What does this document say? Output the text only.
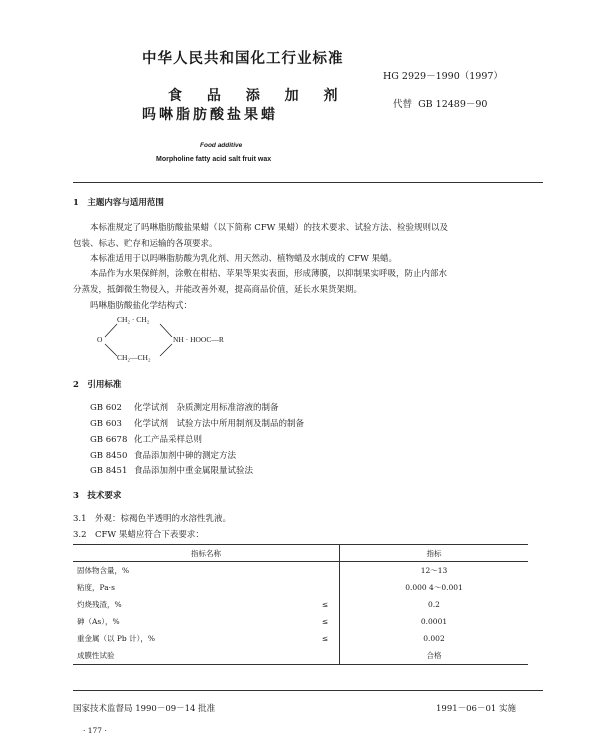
中华人民共和国化工行业标准
HG 2929－1990（1997）
食 品 添 加 剂
吗啉脂肪酸盐果蜡
代替 GB 12489－90
Food additive
Morpholine fatty acid salt fruit wax
1　主题内容与适用范围
本标准规定了吗啉脂肪酸盐果蜡（以下简称 CFW 果蜡）的技术要求、试验方法、检验规则以及
包装、标志、贮存和运输的各项要求。
本标准适用于以吗啉脂肪酸为乳化剂、用天然动、植物蜡及水制成的 CFW 果蜡。
本品作为水果保鲜剂，涂敷在柑桔、苹果等果实表面，形成薄膜，以抑制果实呼吸，防止内部水
分蒸发，抵御微生物侵入，并能改善外观，提高商品价值，延长水果货架期。
吗啉脂肪酸盐化学结构式：
CH₂ · CH₂
O	NH · HOOC—R
CH₂—CH₂
2　引用标准
GB 602 化学试剂　杂质测定用标准溶液的制备
GB 603 化学试剂　试验方法中所用制剂及制品的制备
GB 6678 化工产品采样总则
GB 8450 食品添加剂中砷的测定方法
GB 8451 食品添加剂中重金属限量试验法
3　技术要求
3.1　外观：棕褐色半透明的水溶性乳液。
3.2　CFW 果蜡应符合下表要求：
指标名称		指标
固体物含量，%		12～13
粘度，Pa·s		0.000 4～0.001
灼烧残渣，%	≤	0.2
砷（As），%	≤	0.0001
重金属（以 Pb 计），%	≤	0.002
成膜性试验		合格
国家技术监督局 1990－09－14 批准	1991－06－01 实施
· 177 ·
